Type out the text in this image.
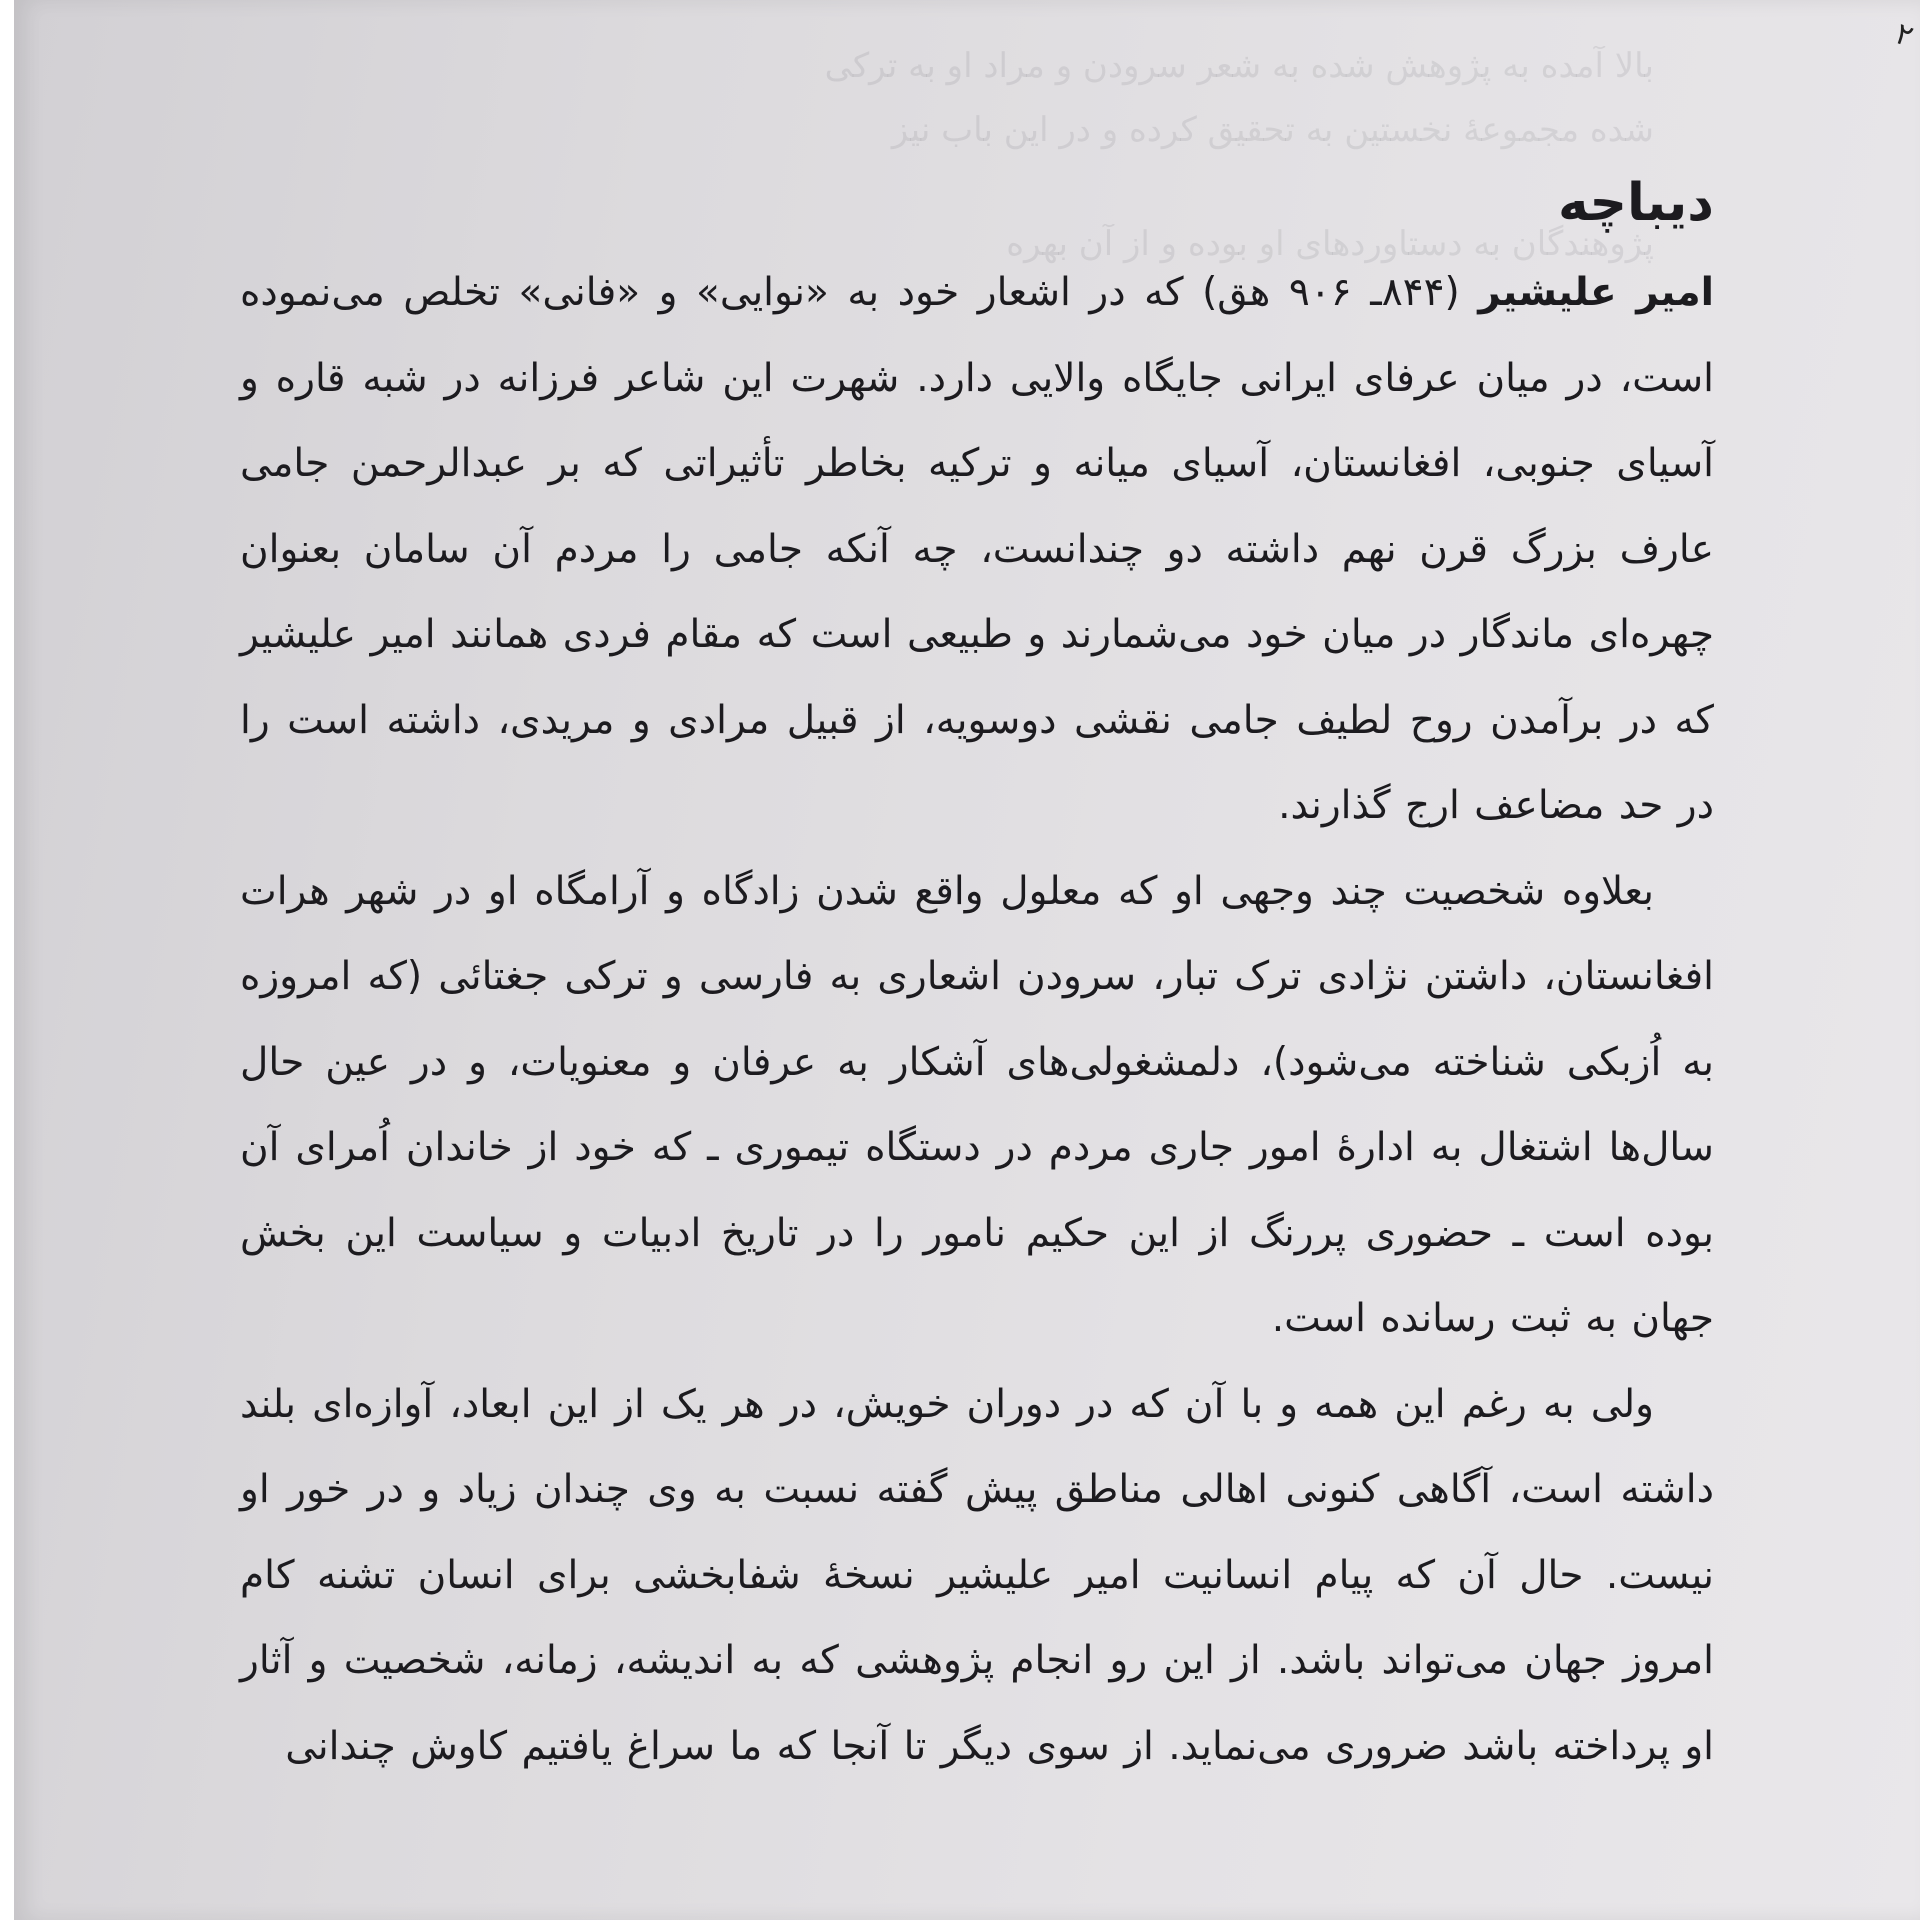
٢
بالا آمده به پژوهش شده به شعر سرودن و مراد او به ترکی
شده مجموعهٔ نخستین به تحقیق کرده و در این باب نیز
پژوهندگان به دستاوردهای او بوده و از آن بهره
دیباچه

امیر علیشیر (۸۴۴ـ ۹۰۶ هق) که در اشعار خود به «نوایی» و «فانی» تخلص می‌نموده است، در میان عرفای ایرانی جایگاه والایی دارد. شهرت این شاعر فرزانه در شبه قاره و آسیای جنوبی، افغانستان، آسیای میانه و ترکیه بخاطر تأثیراتی که بر عبدالرحمن جامی عارف بزرگ قرن نهم داشته دو چندانست، چه آنکه جامی را مردم آن سامان بعنوان چهره‌ای ماندگار در میان خود می‌شمارند و طبیعی است که مقام فردی همانند امیر علیشیر که در برآمدن روح لطیف جامی نقشی دوسویه، از قبیل مرادی و مریدی، داشته است را در حد مضاعف ارج گذارند.

بعلاوه شخصیت چند وجهی او که معلول واقع شدن زادگاه و آرامگاه او در شهر هرات افغانستان، داشتن نژادی ترک تبار، سرودن اشعاری به فارسی و ترکی جغتائی (که امروزه به اُزبکی شناخته می‌شود)، دلمشغولی‌های آشکار به عرفان و معنویات، و در عین حال سال‌ها اشتغال به ادارهٔ امور جاری مردم در دستگاه تیموری ـ که خود از خاندان اُمرای آن بوده است ـ حضوری پررنگ از این حکیم نامور را در تاریخ ادبیات و سیاست این بخش جهان به ثبت رسانده است.

ولی به رغم این همه و با آن که در دوران خویش، در هر یک از این ابعاد، آوازه‌ای بلند داشته است، آگاهی کنونی اهالی مناطق پیش گفته نسبت به وی چندان زیاد و در خور او نیست. حال آن که پیام انسانیت امیر علیشیر نسخهٔ شفابخشی برای انسان تشنه کام امروز جهان می‌تواند باشد. از این رو انجام پژوهشی که به اندیشه، زمانه، شخصیت و آثار او پرداخته باشد ضروری می‌نماید. از سوی دیگر تا آنجا که ما سراغ یافتیم کاوش چندانی
